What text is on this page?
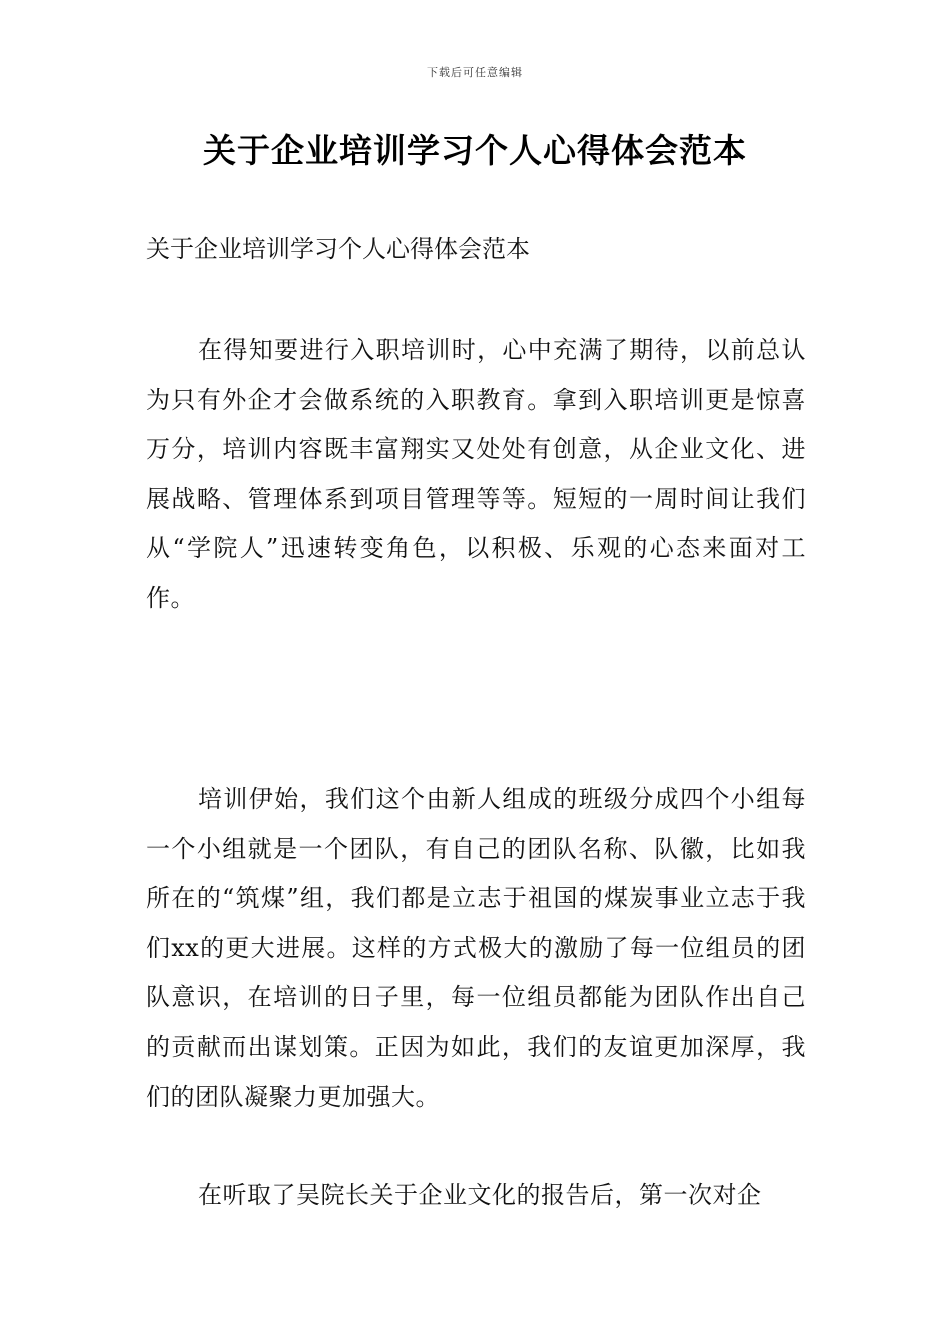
下载后可任意编辑
关于企业培训学习个人心得体会范本
关于企业培训学习个人心得体会范本

在得知要进行入职培训时，心中充满了期待，以前总认为只有外企才会做系统的入职教育。拿到入职培训更是惊喜万分，培训内容既丰富翔实又处处有创意，从企业文化、进展战略、管理体系到项目管理等等。短短的一周时间让我们从“学院人”迅速转变角色，以积极、乐观的心态来面对工作。

培训伊始，我们这个由新人组成的班级分成四个小组每一个小组就是一个团队，有自己的团队名称、队徽，比如我所在的“筑煤”组，我们都是立志于祖国的煤炭事业立志于我们xx的更大进展。这样的方式极大的激励了每一位组员的团队意识，在培训的日子里，每一位组员都能为团队作出自己的贡献而出谋划策。正因为如此，我们的友谊更加深厚，我们的团队凝聚力更加强大。

在听取了吴院长关于企业文化的报告后，第一次对企
